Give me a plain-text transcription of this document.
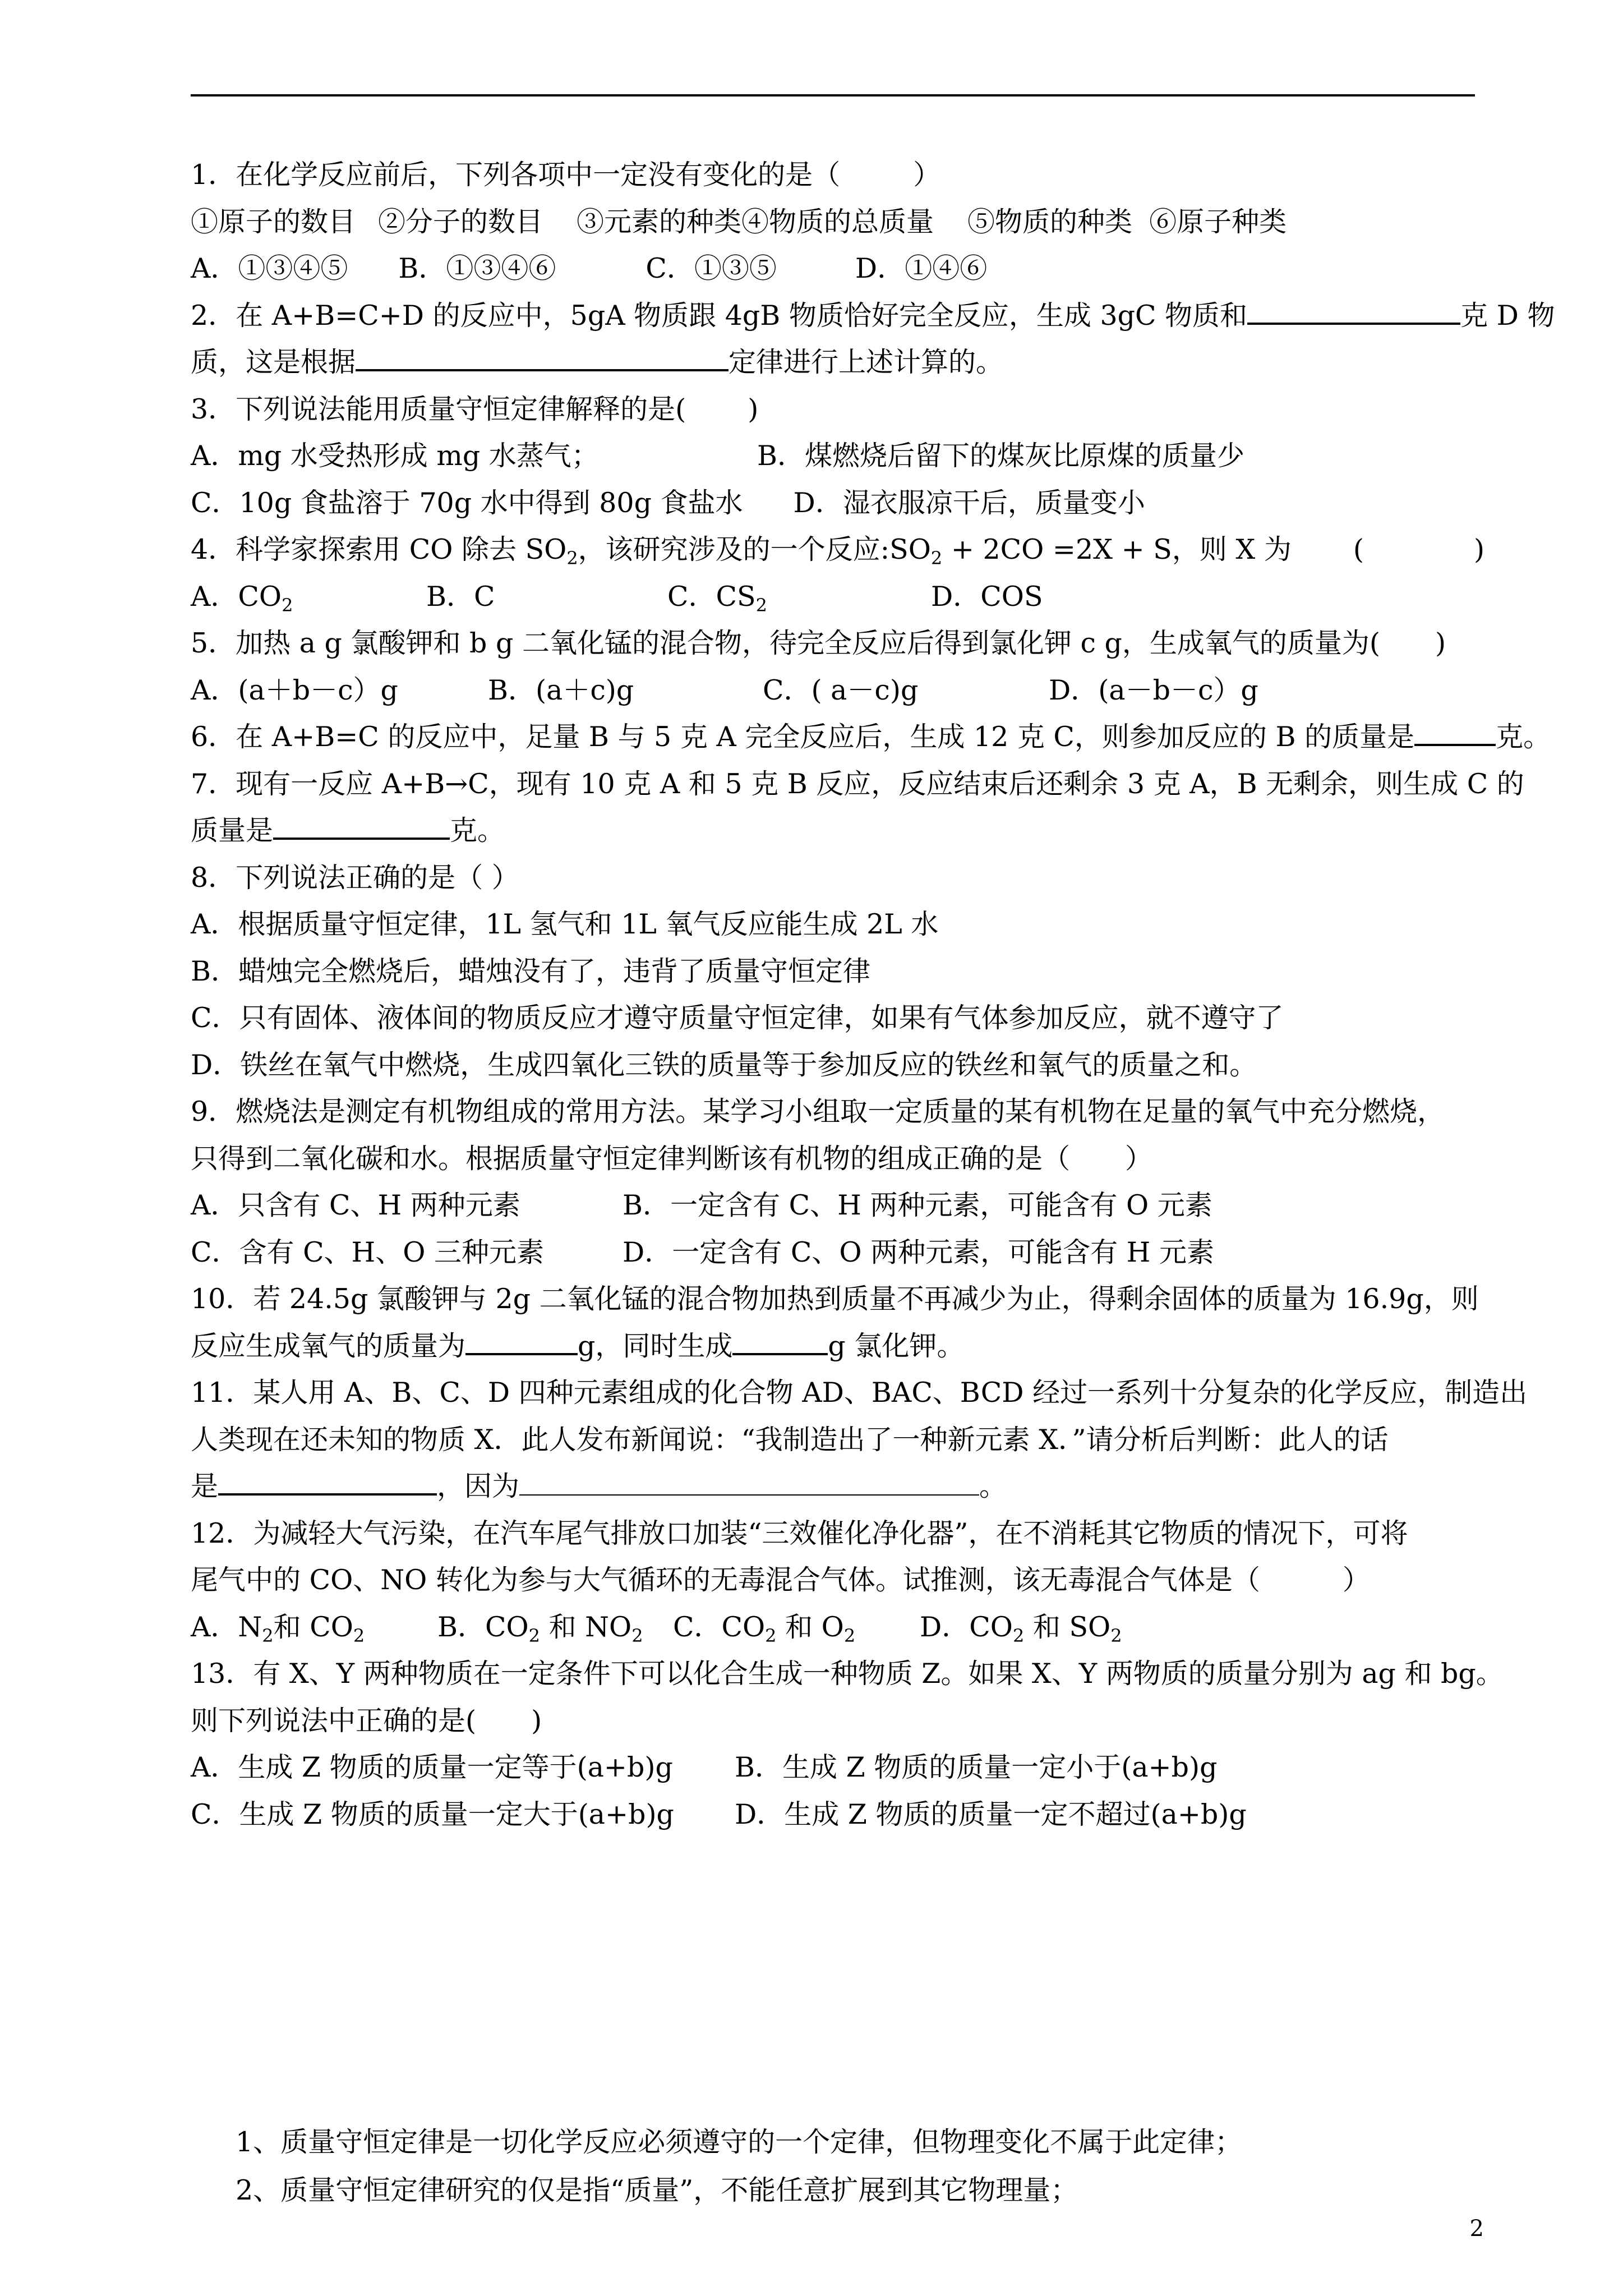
1．在化学反应前后，下列各项中一定没有变化的是（	）
①原子的数目 ②分子的数目 ③元素的种类④物质的总质量 ⑤物质的种类 ⑥原子种类
A．①③④⑤ B．①③④⑥	C．①③⑤	D．①④⑥
2．在 A+B=C+D 的反应中，5gA 物质跟 4gB 物质恰好完全反应，生成 3gC 物质和	克 D 物
质，这是根据	定律进行上述计算的。
3．下列说法能用质量守恒定律解释的是( )
A．mg 水受热形成 mg 水蒸气；	B．煤燃烧后留下的煤灰比原煤的质量少
C．10g 食盐溶于 70g 水中得到 80g 食盐水 D．湿衣服凉干后，质量变小
4．科学家探索用 CO 除去 $SO_2$，该研究涉及的一个反应$:SO_2 + 2CO =2X + S$，则 X 为 (　　　　)
A．$CO_2$	B．C	C．$CS_2$	D．COS
5．加热 a g 氯酸钾和 b g 二氧化锰的混合物，待完全反应后得到氯化钾 c g，生成氧气的质量为(　　)
A．(a＋b－c）g	B．(a＋c)g	C．( a－c)g	D．(a－b－c）g
6．在 A+B=C 的反应中，足量 B 与 5 克 A 完全反应后，生成 12 克 C，则参加反应的 B 的质量是	克。
7．现有一反应 A+B→C，现有 10 克 A 和 5 克 B 反应，反应结束后还剩余 3 克 A，B 无剩余，则生成 C 的
质量是	克。
8．下列说法正确的是（ ）
A．根据质量守恒定律，1L 氢气和 1L 氧气反应能生成 2L 水
B．蜡烛完全燃烧后，蜡烛没有了，违背了质量守恒定律
C．只有固体、液体间的物质反应才遵守质量守恒定律，如果有气体参加反应，就不遵守了
D．铁丝在氧气中燃烧，生成四氧化三铁的质量等于参加反应的铁丝和氧气的质量之和。
9．燃烧法是测定有机物组成的常用方法。某学习小组取一定质量的某有机物在足量的氧气中充分燃烧，
只得到二氧化碳和水。根据质量守恒定律判断该有机物的组成正确的是（　　）
A．只含有 C、H 两种元素	B．一定含有 C、H 两种元素，可能含有 O 元素
C．含有 C、H、O 三种元素	D．一定含有 C、O 两种元素，可能含有 H 元素
10．若 24.5g 氯酸钾与 2g 二氧化锰的混合物加热到质量不再减少为止，得剩余固体的质量为 16.9g，则
反应生成氧气的质量为	g，同时生成	g 氯化钾。
11．某人用 A、B、C、D 四种元素组成的化合物 AD、BAC、BCD 经过一系列十分复杂的化学反应，制造出
人类现在还未知的物质 X．此人发布新闻说：“我制造出了一种新元素 X．”请分析后判断：此人的话
是	，因为	。
12．为减轻大气污染，在汽车尾气排放口加装“三效催化净化器”，在不消耗其它物质的情况下，可将
尾气中的 CO、NO 转化为参与大气循环的无毒混合气体。试推测，该无毒混合气体是（　　　）
A．$N_2$和 $CO_2$	B．$CO_2$ 和 $NO_2$ C．$CO_2$ 和 $O_2$ D．$CO_2$ 和 $SO_2$
13．有 X、Y 两种物质在一定条件下可以化合生成一种物质 Z。如果 X、Y 两物质的质量分别为 ag 和 bg。
则下列说法中正确的是(　　)
A．生成 Z 物质的质量一定等于(a+b)g B．生成 Z 物质的质量一定小于(a+b)g
C．生成 Z 物质的质量一定大于(a+b)g D．生成 Z 物质的质量一定不超过(a+b)g
1、质量守恒定律是一切化学反应必须遵守的一个定律，但物理变化不属于此定律；
2、质量守恒定律研究的仅是指“质量”，不能任意扩展到其它物理量；
2
